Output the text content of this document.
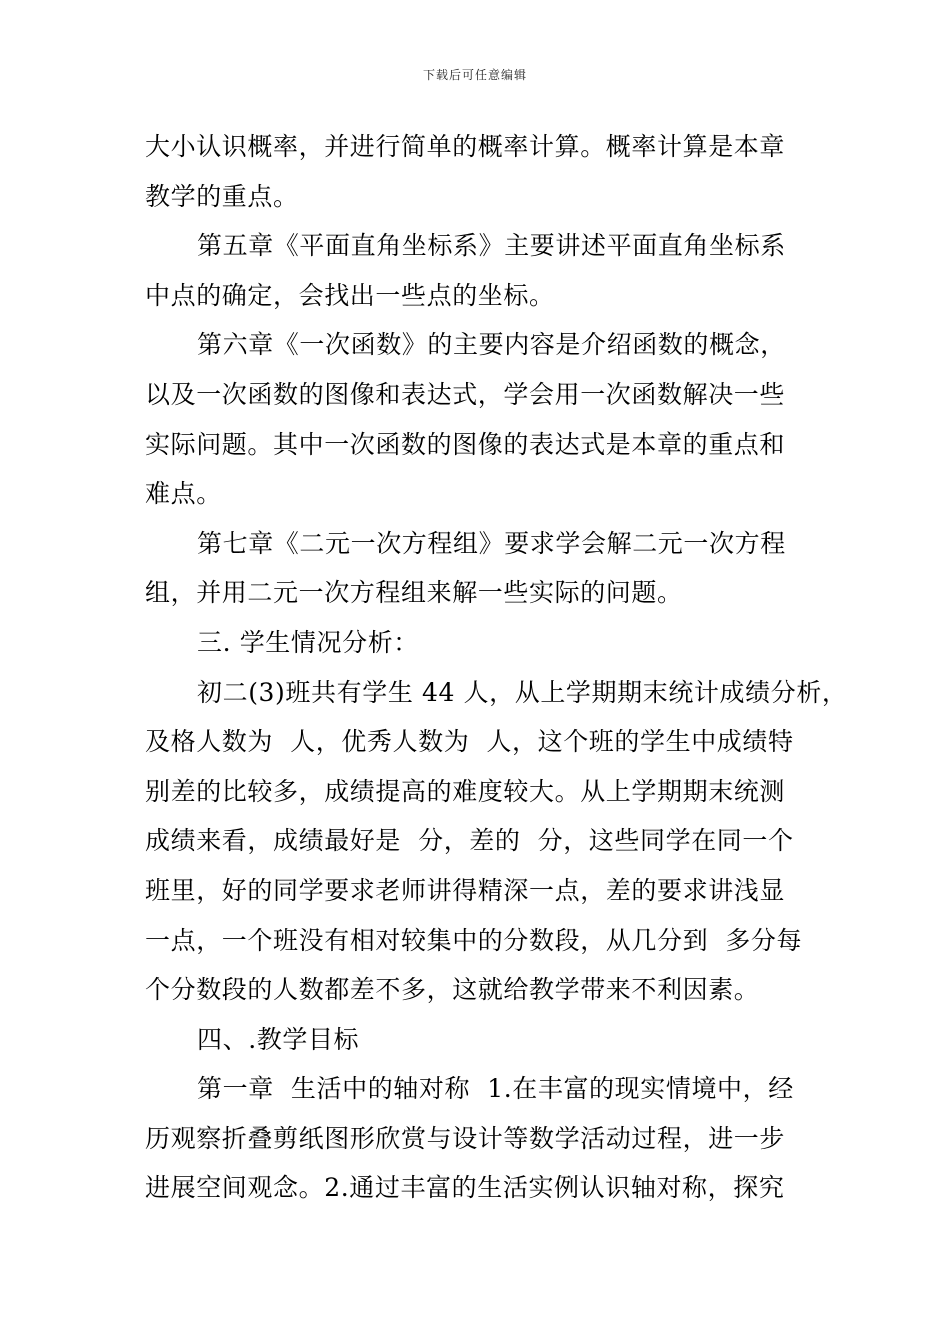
下载后可任意编辑

大小认识概率，并进行简单的概率计算。概率计算是本章
教学的重点。

第五章《平面直角坐标系》主要讲述平面直角坐标系
中点的确定，会找出一些点的坐标。

第六章《一次函数》的主要内容是介绍函数的概念，
以及一次函数的图像和表达式，学会用一次函数解决一些
实际问题。其中一次函数的图像的表达式是本章的重点和
难点。

第七章《二元一次方程组》要求学会解二元一次方程
组，并用二元一次方程组来解一些实际的问题。

三. 学生情况分析：

初二(3)班共有学生 44 人，从上学期期末统计成绩分析，
及格人数为  人，优秀人数为  人，这个班的学生中成绩特
别差的比较多，成绩提高的难度较大。从上学期期末统测
成绩来看，成绩最好是  分，差的  分，这些同学在同一个
班里，好的同学要求老师讲得精深一点，差的要求讲浅显
一点，一个班没有相对较集中的分数段，从几分到  多分每
个分数段的人数都差不多，这就给教学带来不利因素。

四、.教学目标

第一章  生活中的轴对称  1.在丰富的现实情境中，经
历观察折叠剪纸图形欣赏与设计等数学活动过程，进一步
进展空间观念。2.通过丰富的生活实例认识轴对称，探究
